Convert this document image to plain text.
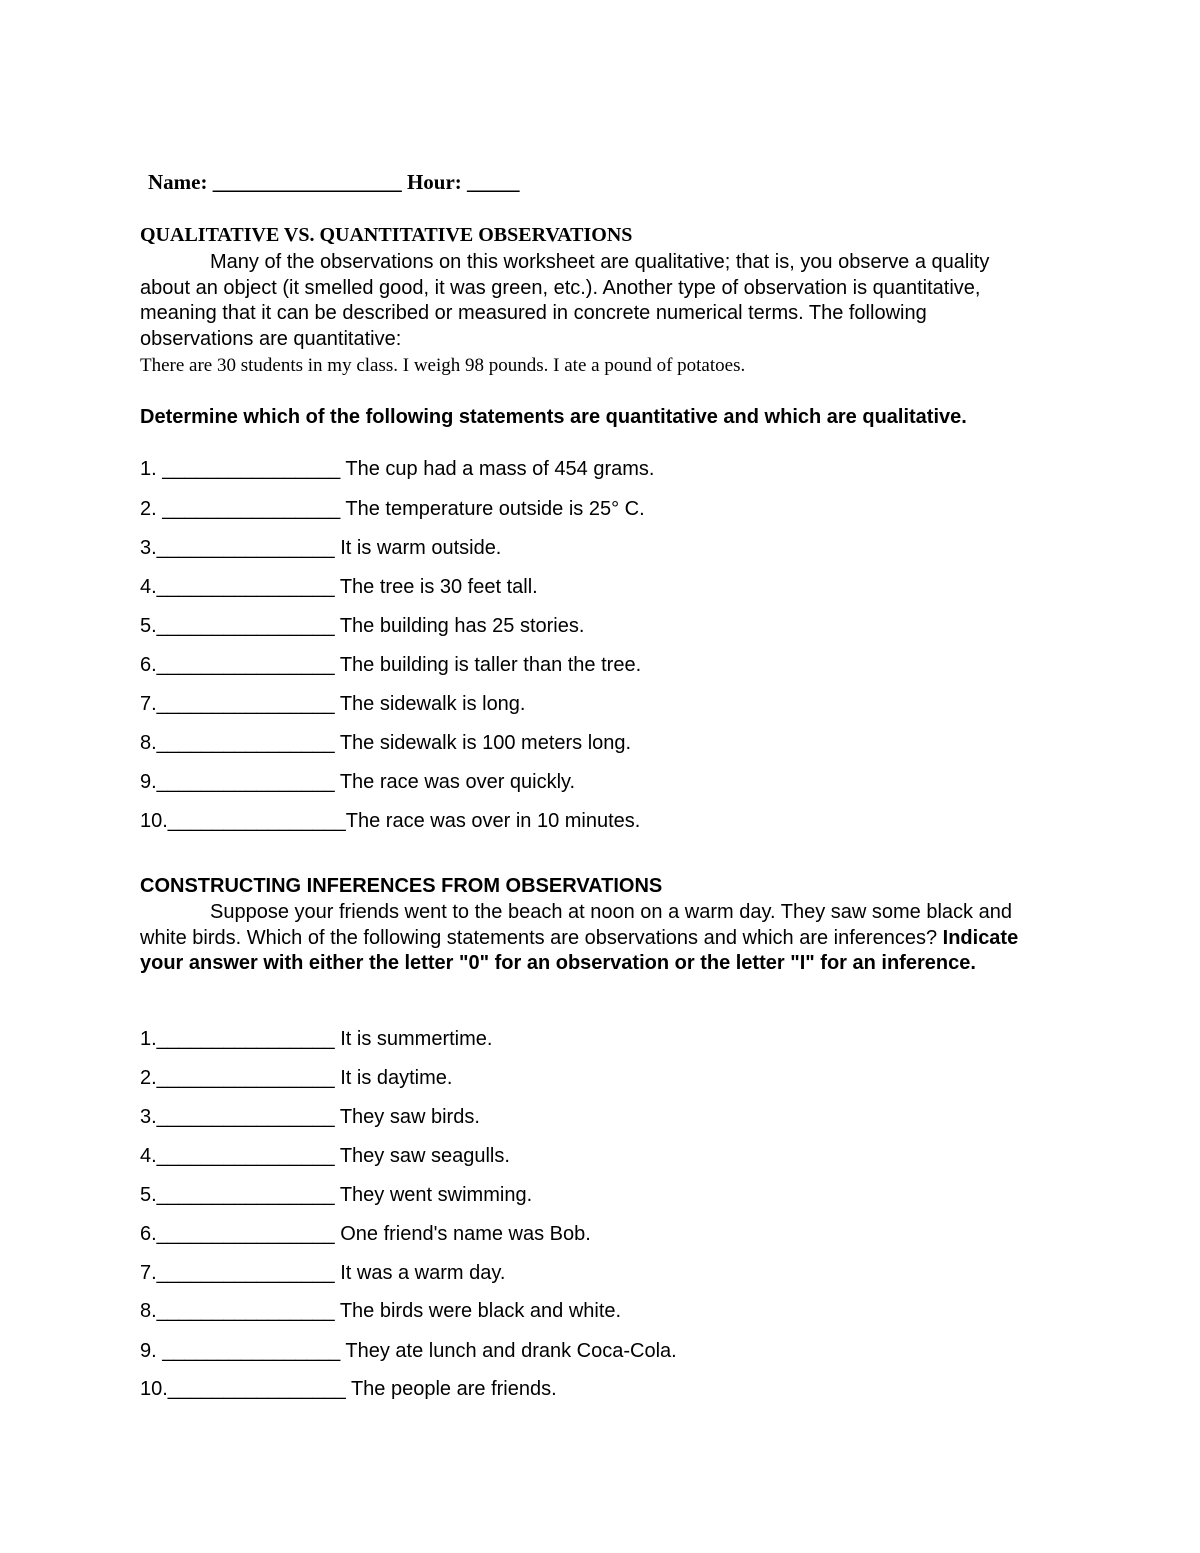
Name: __________________ Hour: _____
QUALITATIVE VS. QUANTITATIVE OBSERVATIONS
Many of the observations on this worksheet are qualitative; that is, you observe a quality about an object (it smelled good, it was green, etc.). Another type of observation is quantitative, meaning that it can be described or measured in concrete numerical terms. The following observations are quantitative:
There are 30 students in my class. I weigh 98 pounds. I ate a pound of potatoes.
Determine which of the following statements are quantitative and which are qualitative.
1. ________________ The cup had a mass of 454 grams.
2. ________________ The temperature outside is 25° C.
3.________________ It is warm outside.
4.________________ The tree is 30 feet tall.
5.________________ The building has 25 stories.
6.________________ The building is taller than the tree.
7.________________ The sidewalk is long.
8.________________ The sidewalk is 100 meters long.
9.________________ The race was over quickly.
10.________________The race was over in 10 minutes.
CONSTRUCTING INFERENCES FROM OBSERVATIONS
Suppose your friends went to the beach at noon on a warm day. They saw some black and white birds. Which of the following statements are observations and which are inferences? Indicate your answer with either the letter "0" for an observation or the letter "I" for an inference.
1.________________ It is summertime.
2.________________ It is daytime.
3.________________ They saw birds.
4.________________ They saw seagulls.
5.________________ They went swimming.
6.________________ One friend's name was Bob.
7.________________ It was a warm day.
8.________________ The birds were black and white.
9. ________________ They ate lunch and drank Coca-Cola.
10.________________ The people are friends.
